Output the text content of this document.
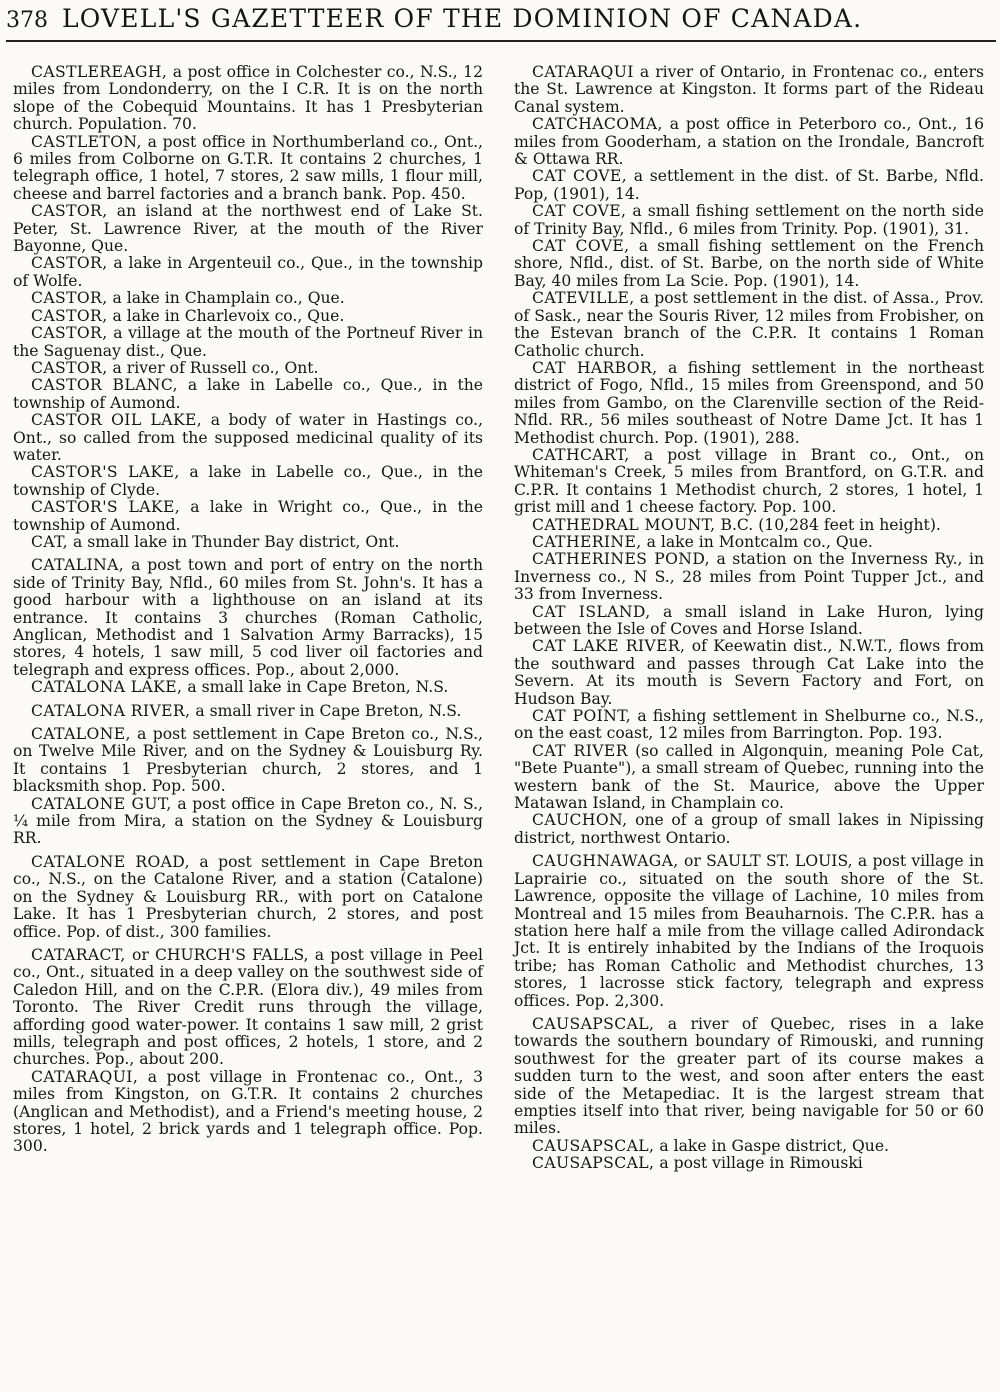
378 LOVELL'S GAZETTEER OF THE DOMINION OF CANADA.

CASTLEREAGH, a post office in Colchester co., N.S., 12 miles from Londonderry, on the I C.R. It is on the north slope of the Cobequid Mountains. It has 1 Presbyterian church. Population. 70.

CASTLETON, a post office in Northumberland co., Ont., 6 miles from Colborne on G.T.R. It contains 2 churches, 1 telegraph office, 1 hotel, 7 stores, 2 saw mills, 1 flour mill, cheese and barrel factories and a branch bank. Pop. 450.

CASTOR, an island at the northwest end of Lake St. Peter, St. Lawrence River, at the mouth of the River Bayonne, Que.

CASTOR, a lake in Argenteuil co., Que., in the township of Wolfe.

CASTOR, a lake in Champlain co., Que.

CASTOR, a lake in Charlevoix co., Que.

CASTOR, a village at the mouth of the Portneuf River in the Saguenay dist., Que.

CASTOR, a river of Russell co., Ont.

CASTOR BLANC, a lake in Labelle co., Que., in the township of Aumond.

CASTOR OIL LAKE, a body of water in Hastings co., Ont., so called from the supposed medicinal quality of its water.

CASTOR'S LAKE, a lake in Labelle co., Que., in the township of Clyde.

CASTOR'S LAKE, a lake in Wright co., Que., in the township of Aumond.

CAT, a small lake in Thunder Bay district, Ont.

CATALINA, a post town and port of entry on the north side of Trinity Bay, Nfld., 60 miles from St. John's. It has a good harbour with a lighthouse on an island at its entrance. It contains 3 churches (Roman Catholic, Anglican, Methodist and 1 Salvation Army Barracks), 15 stores, 4 hotels, 1 saw mill, 5 cod liver oil factories and telegraph and express offices. Pop., about 2,000.

CATALONA LAKE, a small lake in Cape Breton, N.S.

CATALONA RIVER, a small river in Cape Breton, N.S.

CATALONE, a post settlement in Cape Breton co., N.S., on Twelve Mile River, and on the Sydney & Louisburg Ry. It contains 1 Presbyterian church, 2 stores, and 1 blacksmith shop. Pop. 500.

CATALONE GUT, a post office in Cape Breton co., N. S., ¼ mile from Mira, a station on the Sydney & Louisburg RR.

CATALONE ROAD, a post settlement in Cape Breton co., N.S., on the Catalone River, and a station (Catalone) on the Sydney & Louisburg RR., with port on Catalone Lake. It has 1 Presbyterian church, 2 stores, and post office. Pop. of dist., 300 families.

CATARACT, or CHURCH'S FALLS, a post village in Peel co., Ont., situated in a deep valley on the southwest side of Caledon Hill, and on the C.P.R. (Elora div.), 49 miles from Toronto. The River Credit runs through the village, affording good water-power. It contains 1 saw mill, 2 grist mills, telegraph and post offices, 2 hotels, 1 store, and 2 churches. Pop., about 200.

CATARAQUI, a post village in Frontenac co., Ont., 3 miles from Kingston, on G.T.R. It contains 2 churches (Anglican and Methodist), and a Friend's meeting house, 2 stores, 1 hotel, 2 brick yards and 1 telegraph office. Pop. 300.

CATARAQUI a river of Ontario, in Frontenac co., enters the St. Lawrence at Kingston. It forms part of the Rideau Canal system.

CATCHACOMA, a post office in Peterboro co., Ont., 16 miles from Gooderham, a station on the Irondale, Bancroft & Ottawa RR.

CAT COVE, a settlement in the dist. of St. Barbe, Nfld. Pop, (1901), 14.

CAT COVE, a small fishing settlement on the north side of Trinity Bay, Nfld., 6 miles from Trinity. Pop. (1901), 31.

CAT COVE, a small fishing settlement on the French shore, Nfld., dist. of St. Barbe, on the north side of White Bay, 40 miles from La Scie. Pop. (1901), 14.

CATEVILLE, a post settlement in the dist. of Assa., Prov. of Sask., near the Souris River, 12 miles from Frobisher, on the Estevan branch of the C.P.R. It contains 1 Roman Catholic church.

CAT HARBOR, a fishing settlement in the northeast district of Fogo, Nfld., 15 miles from Greenspond, and 50 miles from Gambo, on the Clarenville section of the Reid-Nfld. RR., 56 miles southeast of Notre Dame Jct. It has 1 Methodist church. Pop. (1901), 288.

CATHCART, a post village in Brant co., Ont., on Whiteman's Creek, 5 miles from Brantford, on G.T.R. and C.P.R. It contains 1 Methodist church, 2 stores, 1 hotel, 1 grist mill and 1 cheese factory. Pop. 100.

CATHEDRAL MOUNT, B.C. (10,284 feet in height).

CATHERINE, a lake in Montcalm co., Que.

CATHERINES POND, a station on the Inverness Ry., in Inverness co., N S., 28 miles from Point Tupper Jct., and 33 from Inverness.

CAT ISLAND, a small island in Lake Huron, lying between the Isle of Coves and Horse Island.

CAT LAKE RIVER, of Keewatin dist., N.W.T., flows from the southward and passes through Cat Lake into the Severn. At its mouth is Severn Factory and Fort, on Hudson Bay.

CAT POINT, a fishing settlement in Shelburne co., N.S., on the east coast, 12 miles from Barrington. Pop. 193.

CAT RIVER (so called in Algonquin, meaning Pole Cat, "Bete Puante"), a small stream of Quebec, running into the western bank of the St. Maurice, above the Upper Matawan Island, in Champlain co.

CAUCHON, one of a group of small lakes in Nipissing district, northwest Ontario.

CAUGHNAWAGA, or SAULT ST. LOUIS, a post village in Laprairie co., situated on the south shore of the St. Lawrence, opposite the village of Lachine, 10 miles from Montreal and 15 miles from Beauharnois. The C.P.R. has a station here half a mile from the village called Adirondack Jct. It is entirely inhabited by the Indians of the Iroquois tribe; has Roman Catholic and Methodist churches, 13 stores, 1 lacrosse stick factory, telegraph and express offices. Pop. 2,300.

CAUSAPSCAL, a river of Quebec, rises in a lake towards the southern boundary of Rimouski, and running southwest for the greater part of its course makes a sudden turn to the west, and soon after enters the east side of the Metapediac. It is the largest stream that empties itself into that river, being navigable for 50 or 60 miles.

CAUSAPSCAL, a lake in Gaspe district, Que.

CAUSAPSCAL, a post village in Rimouski
